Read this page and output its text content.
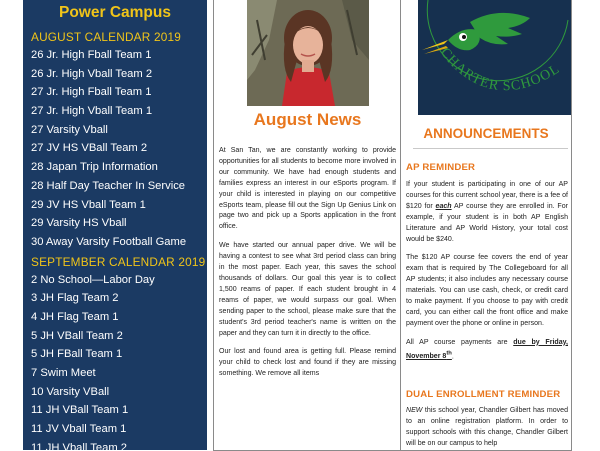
Power Campus
AUGUST CALENDAR 2019
26 Jr. High Fball Team 1
26 Jr. High Vball Team 2
27 Jr. High Fball Team 1
27 Jr. High Vball Team 1
27 Varsity Vball
27 JV HS VBall Team 2
28 Japan Trip Information
28 Half Day Teacher In Service
29 JV HS Vball Team 1
29 Varsity HS Vball
30 Away Varsity Football Game
SEPTEMBER CALENDAR 2019
2 No School—Labor Day
3 JH Flag Team 2
4 JH Flag Team 1
5 JH VBall Team 2
5 JH FBall Team 1
7 Swim Meet
10 Varsity VBall
11 JH VBall Team 1
11 JV Vball Team 1
11 JH Vball Team 2
August News

At San Tan, we are constantly working to provide opportunities for all students to become more involved in our community. We have had enough students and families express an interest in our eSports program. If your child is interested in playing on our competitive eSports team, please fill out the Sign Up Genius Link on page two and pick up a Sports application in the front office.

We have started our annual paper drive. We will be having a contest to see what 3rd period class can bring in the most paper. Each year, this saves the school thousands of dollars. Our goal this year is to collect 1,500 reams of paper. If each student brought in 4 reams of paper, we would surpass our goal. When sending paper to the school, please make sure that the student's 3rd period teacher's name is written on the paper and they can turn it in directly to the office.

Our lost and found area is getting full. Please remind your child to check lost and found if they are missing something. We remove all items

CHARTER SCHOOL
ANNOUNCEMENTS
AP REMINDER

If your student is participating in one of our AP courses for this current school year, there is a fee of $120 for each AP course they are enrolled in. For example, if your student is in both AP English Literature and AP World History, your total cost would be $240.

The $120 AP course fee covers the end of year exam that is required by The Collegeboard for all AP students; it also includes any necessary course materials. You can use cash, check, or credit card to make payment. If you choose to pay with credit card, you can either call the front office and make payment over the phone or online in person.

All AP course payments are due by Friday, November 8th.

DUAL ENROLLMENT REMINDER

NEW this school year, Chandler Gilbert has moved to an online registration platform. In order to support schools with this change, Chandler Gilbert will be on our campus to help
